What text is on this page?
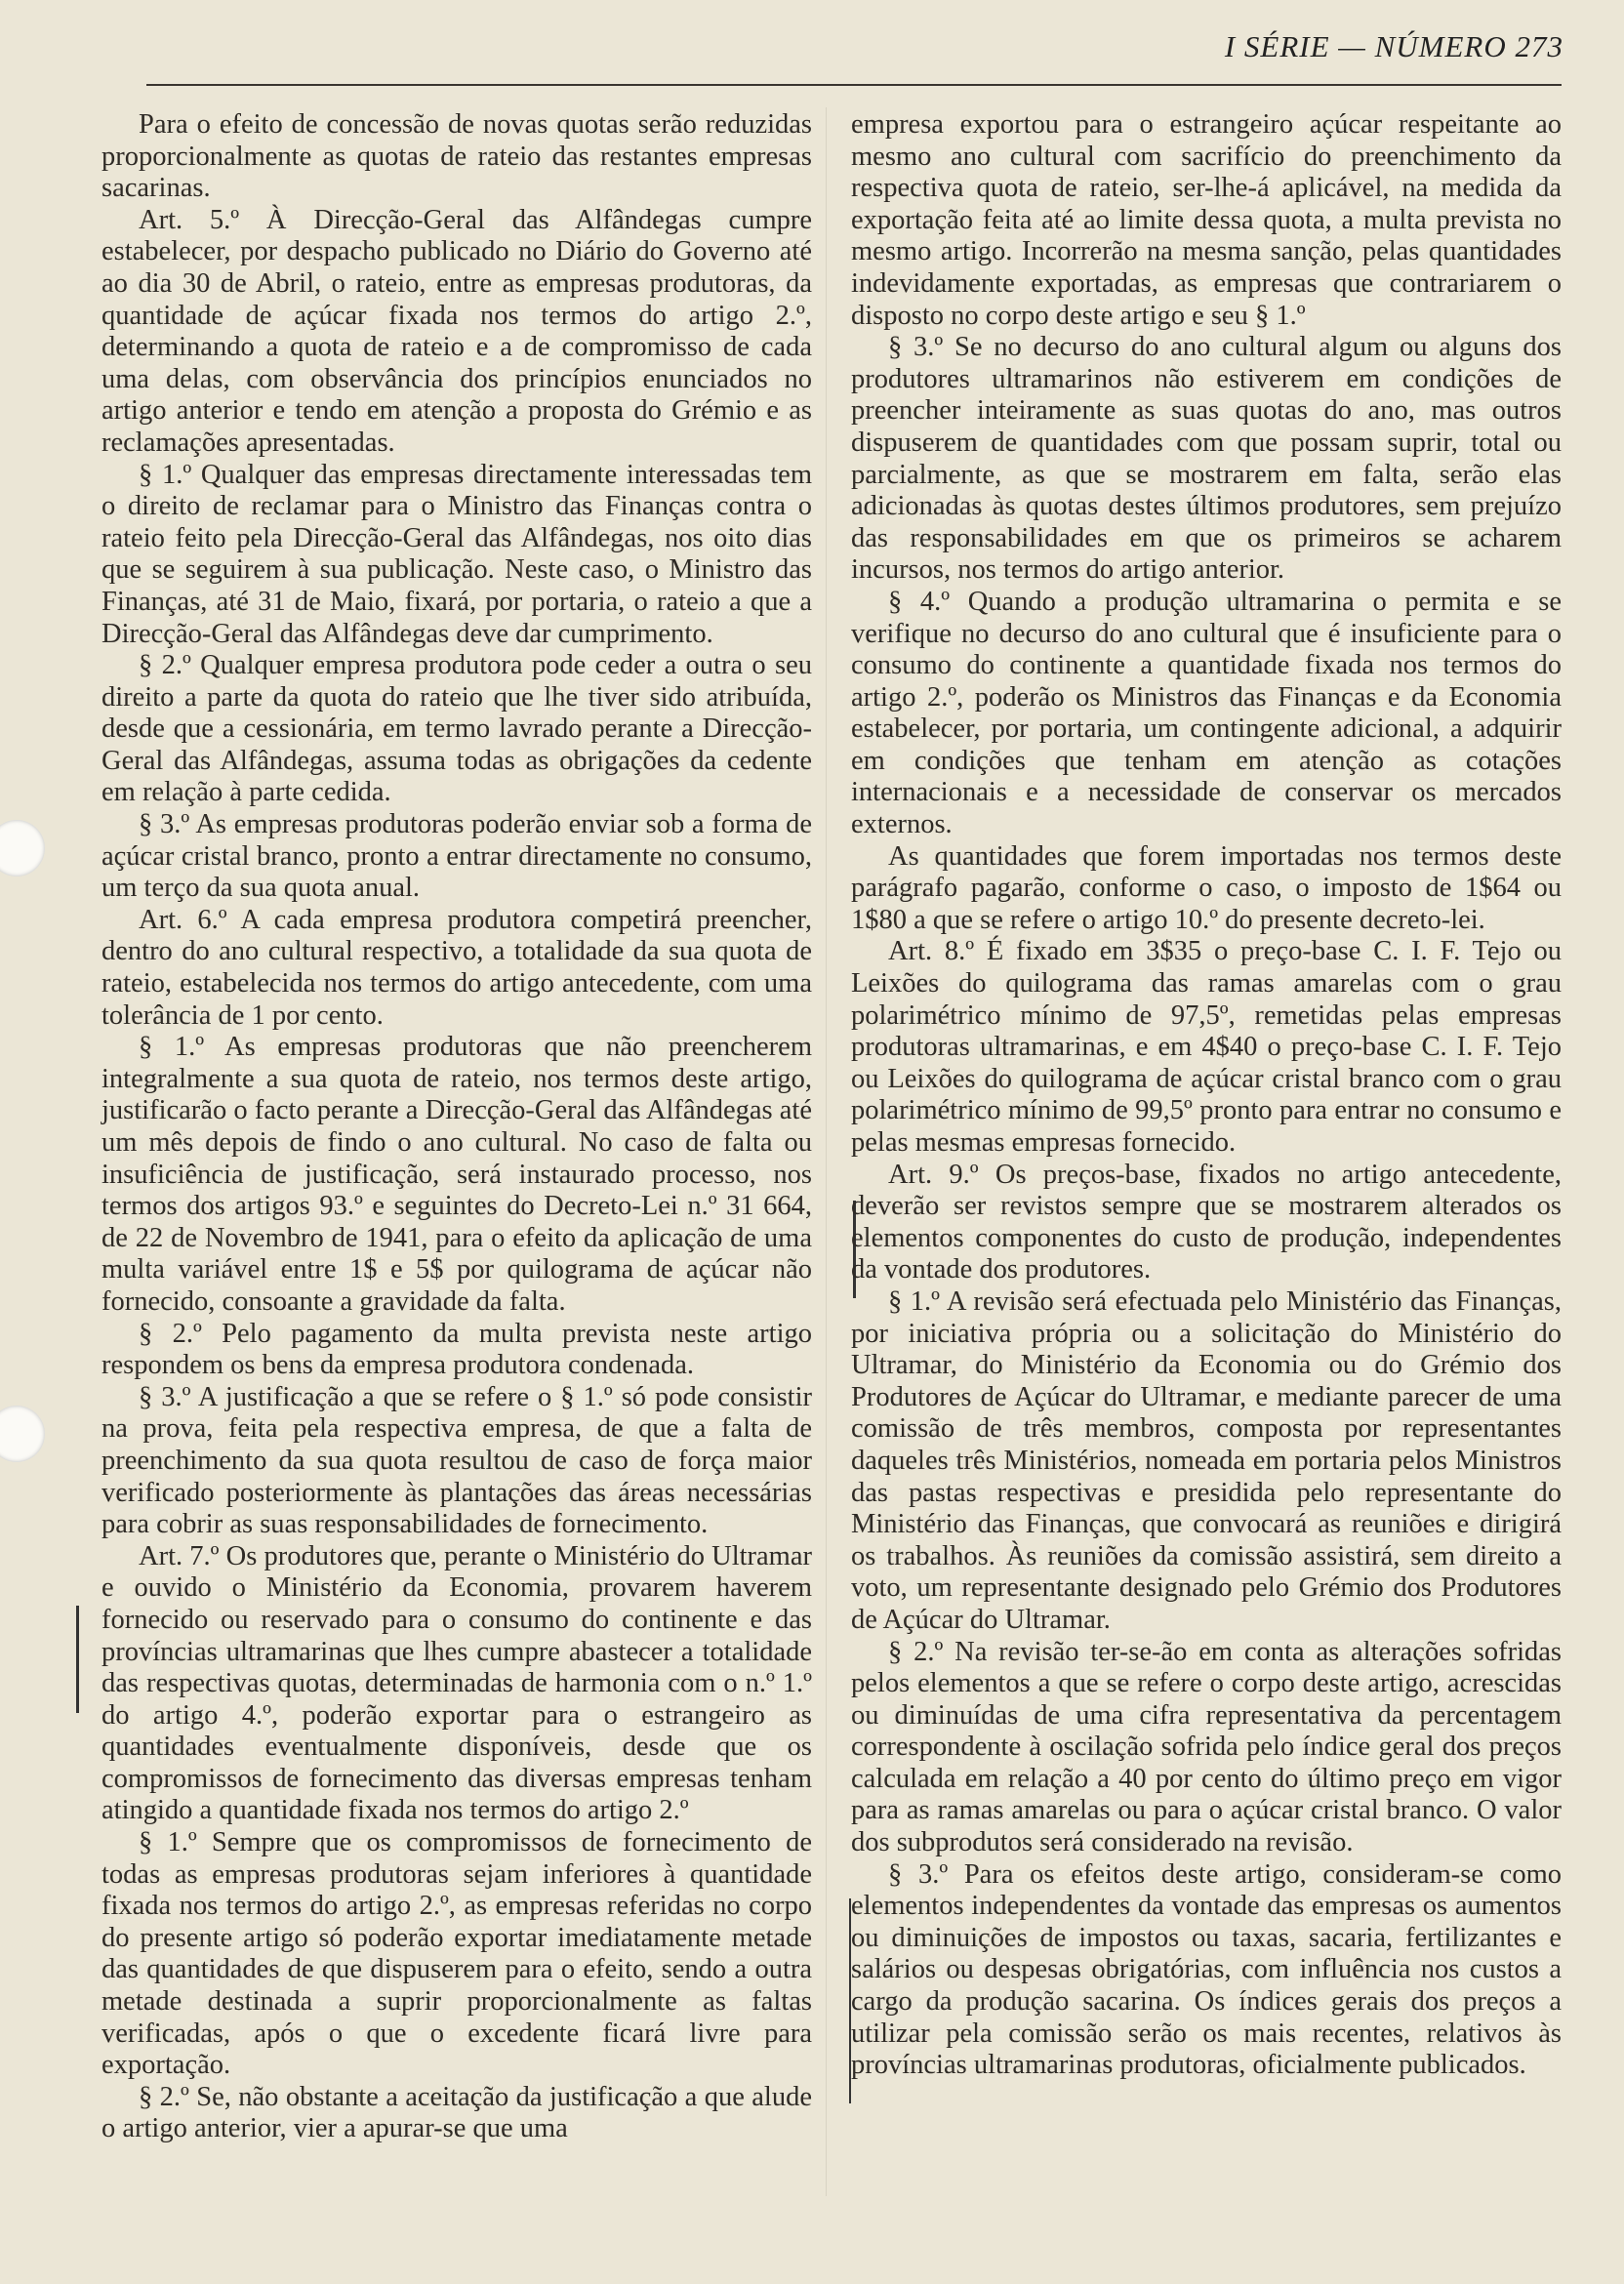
I SÉRIE — NÚMERO 273

Para o efeito de concessão de novas quotas serão reduzidas proporcionalmente as quotas de rateio das restantes empresas sacarinas.

Art. 5.º À Direcção-Geral das Alfândegas cumpre estabelecer, por despacho publicado no Diário do Governo até ao dia 30 de Abril, o rateio, entre as empresas produtoras, da quantidade de açúcar fixada nos termos do artigo 2.º, determinando a quota de rateio e a de compromisso de cada uma delas, com observância dos princípios enunciados no artigo anterior e tendo em atenção a proposta do Grémio e as reclamações apresentadas.

§ 1.º Qualquer das empresas directamente interessadas tem o direito de reclamar para o Ministro das Finanças contra o rateio feito pela Direcção-Geral das Alfândegas, nos oito dias que se seguirem à sua publicação. Neste caso, o Ministro das Finanças, até 31 de Maio, fixará, por portaria, o rateio a que a Direcção-Geral das Alfândegas deve dar cumprimento.

§ 2.º Qualquer empresa produtora pode ceder a outra o seu direito a parte da quota do rateio que lhe tiver sido atribuída, desde que a cessionária, em termo lavrado perante a Direcção-Geral das Alfândegas, assuma todas as obrigações da cedente em relação à parte cedida.

§ 3.º As empresas produtoras poderão enviar sob a forma de açúcar cristal branco, pronto a entrar directamente no consumo, um terço da sua quota anual.

Art. 6.º A cada empresa produtora competirá preencher, dentro do ano cultural respectivo, a totalidade da sua quota de rateio, estabelecida nos termos do artigo antecedente, com uma tolerância de 1 por cento.

§ 1.º As empresas produtoras que não preencherem integralmente a sua quota de rateio, nos termos deste artigo, justificarão o facto perante a Direcção-Geral das Alfândegas até um mês depois de findo o ano cultural. No caso de falta ou insuficiência de justificação, será instaurado processo, nos termos dos artigos 93.º e seguintes do Decreto-Lei n.º 31 664, de 22 de Novembro de 1941, para o efeito da aplicação de uma multa variável entre 1$ e 5$ por quilograma de açúcar não fornecido, consoante a gravidade da falta.

§ 2.º Pelo pagamento da multa prevista neste artigo respondem os bens da empresa produtora condenada.

§ 3.º A justificação a que se refere o § 1.º só pode consistir na prova, feita pela respectiva empresa, de que a falta de preenchimento da sua quota resultou de caso de força maior verificado posteriormente às plantações das áreas necessárias para cobrir as suas responsabilidades de fornecimento.

Art. 7.º Os produtores que, perante o Ministério do Ultramar e ouvido o Ministério da Economia, provarem haverem fornecido ou reservado para o consumo do continente e das províncias ultramarinas que lhes cumpre abastecer a totalidade das respectivas quotas, determinadas de harmonia com o n.º 1.º do artigo 4.º, poderão exportar para o estrangeiro as quantidades eventualmente disponíveis, desde que os compromissos de fornecimento das diversas empresas tenham atingido a quantidade fixada nos termos do artigo 2.º

§ 1.º Sempre que os compromissos de fornecimento de todas as empresas produtoras sejam inferiores à quantidade fixada nos termos do artigo 2.º, as empresas referidas no corpo do presente artigo só poderão exportar imediatamente metade das quantidades de que dispuserem para o efeito, sendo a outra metade destinada a suprir proporcionalmente as faltas verificadas, após o que o excedente ficará livre para exportação.

§ 2.º Se, não obstante a aceitação da justificação a que alude o artigo anterior, vier a apurar-se que uma

empresa exportou para o estrangeiro açúcar respeitante ao mesmo ano cultural com sacrifício do preenchimento da respectiva quota de rateio, ser-lhe-á aplicável, na medida da exportação feita até ao limite dessa quota, a multa prevista no mesmo artigo. Incorrerão na mesma sanção, pelas quantidades indevidamente exportadas, as empresas que contrariarem o disposto no corpo deste artigo e seu § 1.º

§ 3.º Se no decurso do ano cultural algum ou alguns dos produtores ultramarinos não estiverem em condições de preencher inteiramente as suas quotas do ano, mas outros dispuserem de quantidades com que possam suprir, total ou parcialmente, as que se mostrarem em falta, serão elas adicionadas às quotas destes últimos produtores, sem prejuízo das responsabilidades em que os primeiros se acharem incursos, nos termos do artigo anterior.

§ 4.º Quando a produção ultramarina o permita e se verifique no decurso do ano cultural que é insuficiente para o consumo do continente a quantidade fixada nos termos do artigo 2.º, poderão os Ministros das Finanças e da Economia estabelecer, por portaria, um contingente adicional, a adquirir em condições que tenham em atenção as cotações internacionais e a necessidade de conservar os mercados externos.

As quantidades que forem importadas nos termos deste parágrafo pagarão, conforme o caso, o imposto de 1$64 ou 1$80 a que se refere o artigo 10.º do presente decreto-lei.

Art. 8.º É fixado em 3$35 o preço-base C. I. F. Tejo ou Leixões do quilograma das ramas amarelas com o grau polarimétrico mínimo de 97,5º, remetidas pelas empresas produtoras ultramarinas, e em 4$40 o preço-base C. I. F. Tejo ou Leixões do quilograma de açúcar cristal branco com o grau polarimétrico mínimo de 99,5º pronto para entrar no consumo e pelas mesmas empresas fornecido.

Art. 9.º Os preços-base, fixados no artigo antecedente, deverão ser revistos sempre que se mostrarem alterados os elementos componentes do custo de produção, independentes da vontade dos produtores.

§ 1.º A revisão será efectuada pelo Ministério das Finanças, por iniciativa própria ou a solicitação do Ministério do Ultramar, do Ministério da Economia ou do Grémio dos Produtores de Açúcar do Ultramar, e mediante parecer de uma comissão de três membros, composta por representantes daqueles três Ministérios, nomeada em portaria pelos Ministros das pastas respectivas e presidida pelo representante do Ministério das Finanças, que convocará as reuniões e dirigirá os trabalhos. Às reuniões da comissão assistirá, sem direito a voto, um representante designado pelo Grémio dos Produtores de Açúcar do Ultramar.

§ 2.º Na revisão ter-se-ão em conta as alterações sofridas pelos elementos a que se refere o corpo deste artigo, acrescidas ou diminuídas de uma cifra representativa da percentagem correspondente à oscilação sofrida pelo índice geral dos preços calculada em relação a 40 por cento do último preço em vigor para as ramas amarelas ou para o açúcar cristal branco. O valor dos subprodutos será considerado na revisão.

§ 3.º Para os efeitos deste artigo, consideram-se como elementos independentes da vontade das empresas os aumentos ou diminuições de impostos ou taxas, sacaria, fertilizantes e salários ou despesas obrigatórias, com influência nos custos a cargo da produção sacarina. Os índices gerais dos preços a utilizar pela comissão serão os mais recentes, relativos às províncias ultramarinas produtoras, oficialmente publicados.
